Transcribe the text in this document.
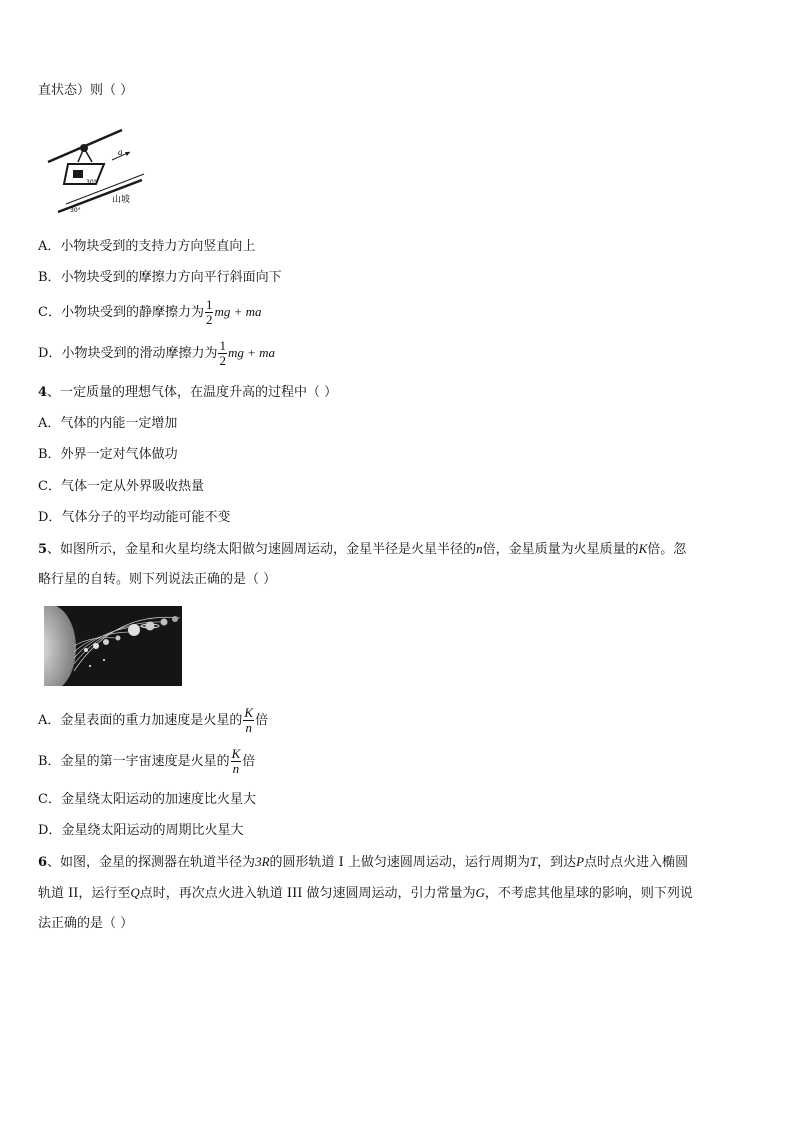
直状态）则（ ）
a
30°
30°
山坡
A．小物块受到的支持力方向竖直向上
B．小物块受到的摩擦力方向平行斜面向下
C．小物块受到的静摩擦力为 $\frac{1}{2}$ mg + ma
D．小物块受到的滑动摩擦力为 $\frac{1}{2}$ mg + ma
4、一定质量的理想气体，在温度升高的过程中（ ）
A．气体的内能一定增加
B．外界一定对气体做功
C．气体一定从外界吸收热量
D．气体分子的平均动能可能不变
5、如图所示，金星和火星均绕太阳做匀速圆周运动，金星半径是火星半径的n倍，金星质量为火星质量的K倍。忽
略行星的自转。则下列说法正确的是（ ）
A．金星表面的重力加速度是火星的 $\frac{K}{n}$ 倍
B．金星的第一宇宙速度是火星的 $\frac{K}{n}$ 倍
C．金星绕太阳运动的加速度比火星大
D．金星绕太阳运动的周期比火星大
6、如图，金星的探测器在轨道半径为3R的圆形轨道 I 上做匀速圆周运动，运行周期为T，到达P点时点火进入椭圆
轨道 II，运行至Q点时，再次点火进入轨道 III 做匀速圆周运动，引力常量为G，不考虑其他星球的影响，则下列说
法正确的是（ ）
